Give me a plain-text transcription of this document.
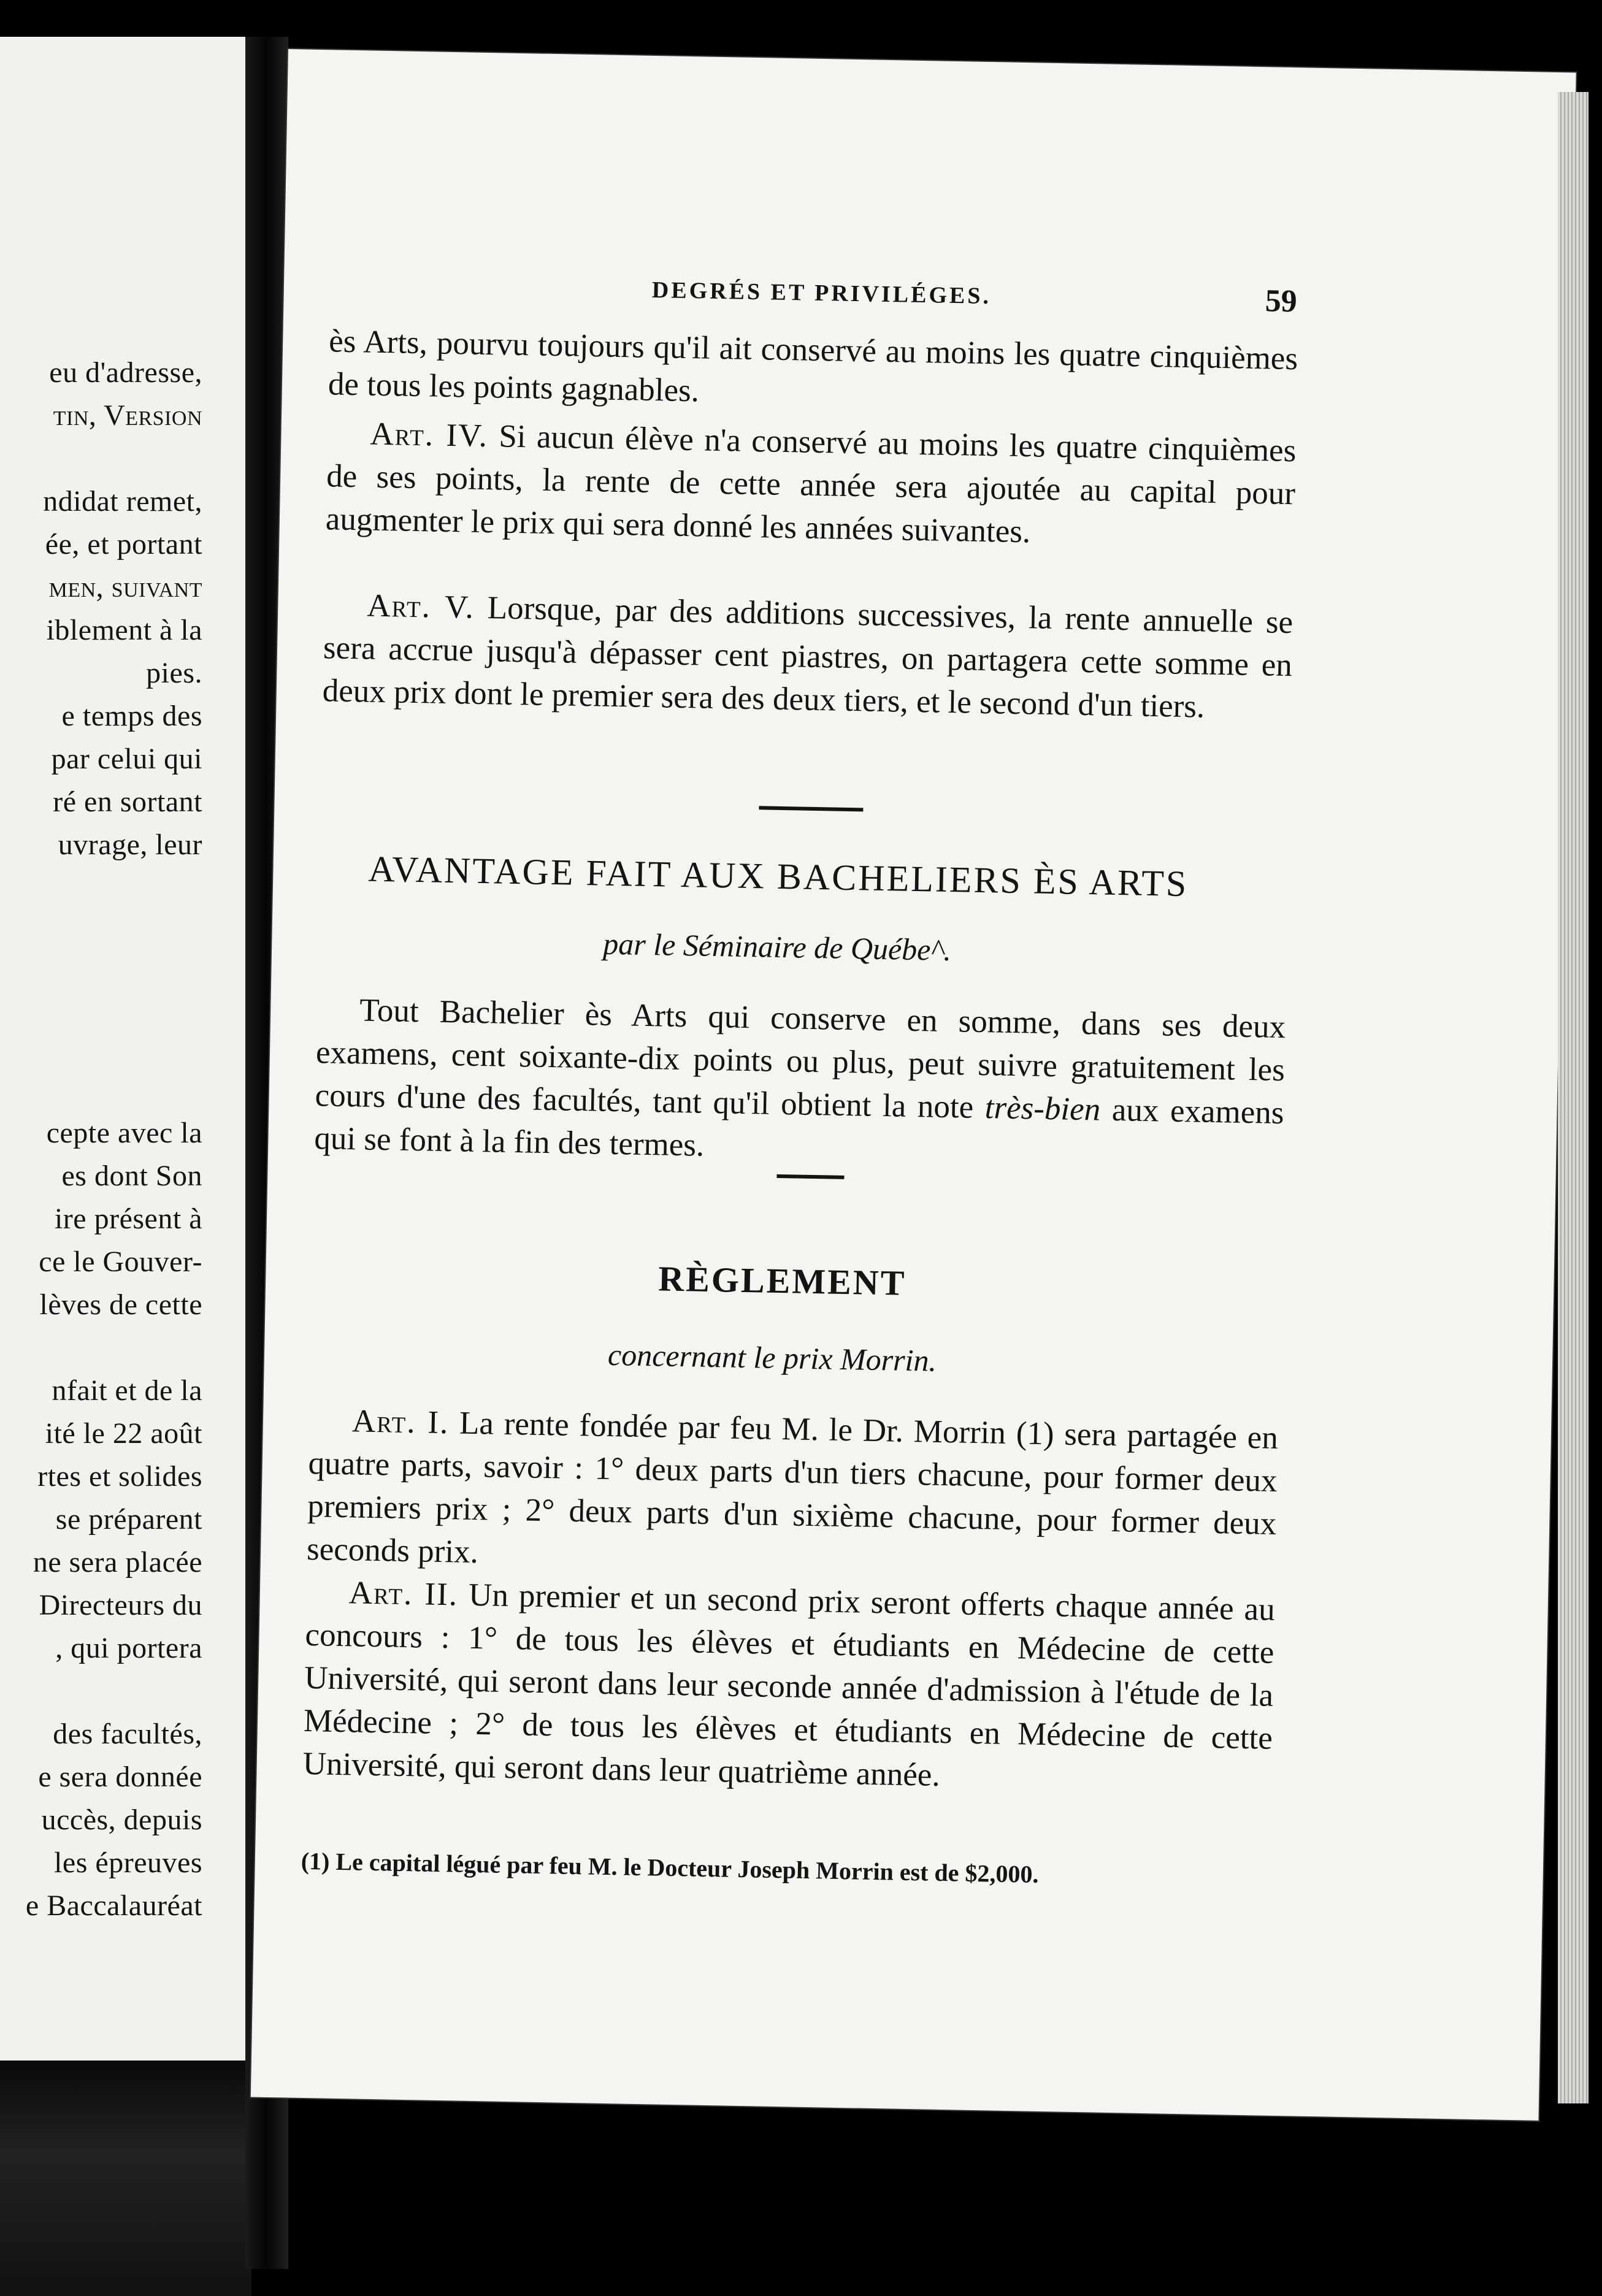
eu d'adresse,
tin, Version
ndidat remet,
ée, et portant
men, suivant
iblement à la
pies.
e temps des
par celui qui
ré en sortant
uvrage, leur
cepte avec la
es dont Son
ire présent à
ce le Gouver-
lèves de cette
nfait et de la
ité le 22 août
rtes et solides
se préparent
ne sera placée
Directeurs du
, qui portera
des facultés,
e sera donnée
uccès, depuis
les épreuves
e Baccalauréat
DEGRÉS ET PRIVILÉGES.	59
ès Arts, pourvu toujours qu'il ait conservé au moins les quatre cinquièmes de tous les points gagnables.
Art. IV. Si aucun élève n'a conservé au moins les quatre cinquièmes de ses points, la rente de cette année sera ajoutée au capital pour augmenter le prix qui sera donné les années suivantes.
Art. V. Lorsque, par des additions successives, la rente annuelle se sera accrue jusqu'à dépasser cent piastres, on partagera cette somme en deux prix dont le premier sera des deux tiers, et le second d'un tiers.
AVANTAGE FAIT AUX BACHELIERS ÈS ARTS
par le Séminaire de Québe^.
Tout Bachelier ès Arts qui conserve en somme, dans ses deux examens, cent soixante-dix points ou plus, peut suivre gratuitement les cours d'une des facultés, tant qu'il obtient la note très-bien aux examens qui se font à la fin des termes.
RÈGLEMENT
concernant le prix Morrin.
Art. I. La rente fondée par feu M. le Dr. Morrin (1) sera partagée en quatre parts, savoir : 1° deux parts d'un tiers chacune, pour former deux premiers prix ; 2° deux parts d'un sixième chacune, pour former deux seconds prix.
Art. II. Un premier et un second prix seront offerts chaque année au concours : 1° de tous les élèves et étudiants en Médecine de cette Université, qui seront dans leur seconde année d'admission à l'étude de la Médecine ; 2° de tous les élèves et étudiants en Médecine de cette Université, qui seront dans leur quatrième année.
(1) Le capital légué par feu M. le Docteur Joseph Morrin est de $2,000.
